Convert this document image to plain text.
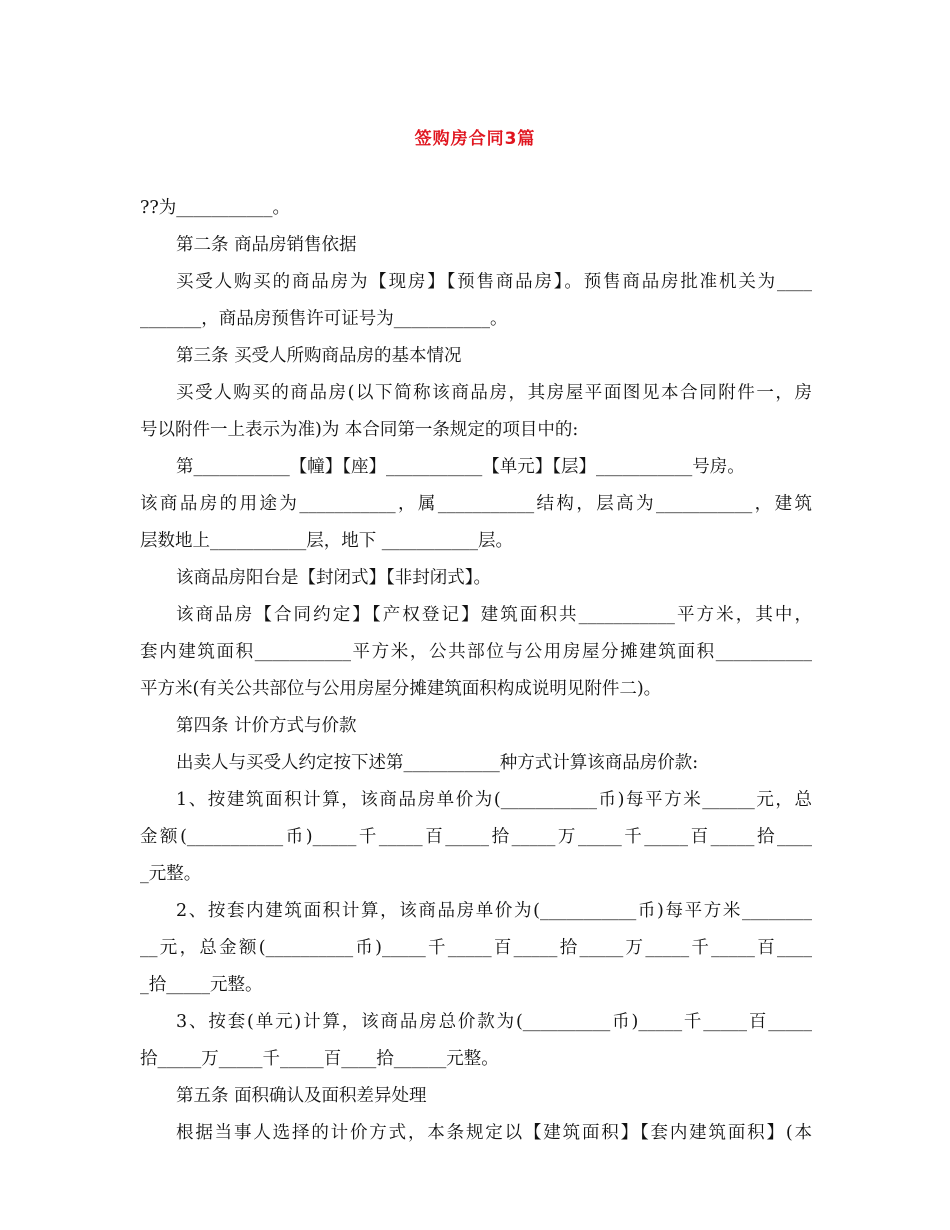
签购房合同3篇
??为___________。
第二条 商品房销售依据
买受人购买的商品房为【现房】【预售商品房】。预售商品房批准机关为____
_______，商品房预售许可证号为___________。
第三条 买受人所购商品房的基本情况
买受人购买的商品房(以下简称该商品房，其房屋平面图见本合同附件一，房
号以附件一上表示为准)为 本合同第一条规定的项目中的:
第___________【幢】【座】___________【单元】【层】___________号房。
该商品房的用途为___________，属___________结构，层高为___________，建筑
层数地上___________层，地下 ___________层。
该商品房阳台是【封闭式】【非封闭式】。
该商品房【合同约定】【产权登记】建筑面积共___________平方米，其中，
套内建筑面积___________平方米，公共部位与公用房屋分摊建筑面积___________
平方米(有关公共部位与公用房屋分摊建筑面积构成说明见附件二)。
第四条 计价方式与价款
出卖人与买受人约定按下述第___________种方式计算该商品房价款:
1、按建筑面积计算，该商品房单价为(___________币)每平方米______元，总
金额(___________币)_____千_____百_____拾_____万_____千_____百_____拾____
_元整。
2、按套内建筑面积计算，该商品房单价为(___________币)每平方米________
__元，总金额(__________币)_____千_____百_____拾_____万_____千_____百____
_拾_____元整。
3、按套(单元)计算，该商品房总价款为(__________币)_____千_____百_____
拾_____万_____千_____百____拾______元整。
第五条 面积确认及面积差异处理
根据当事人选择的计价方式，本条规定以【建筑面积】【套内建筑面积】(本
